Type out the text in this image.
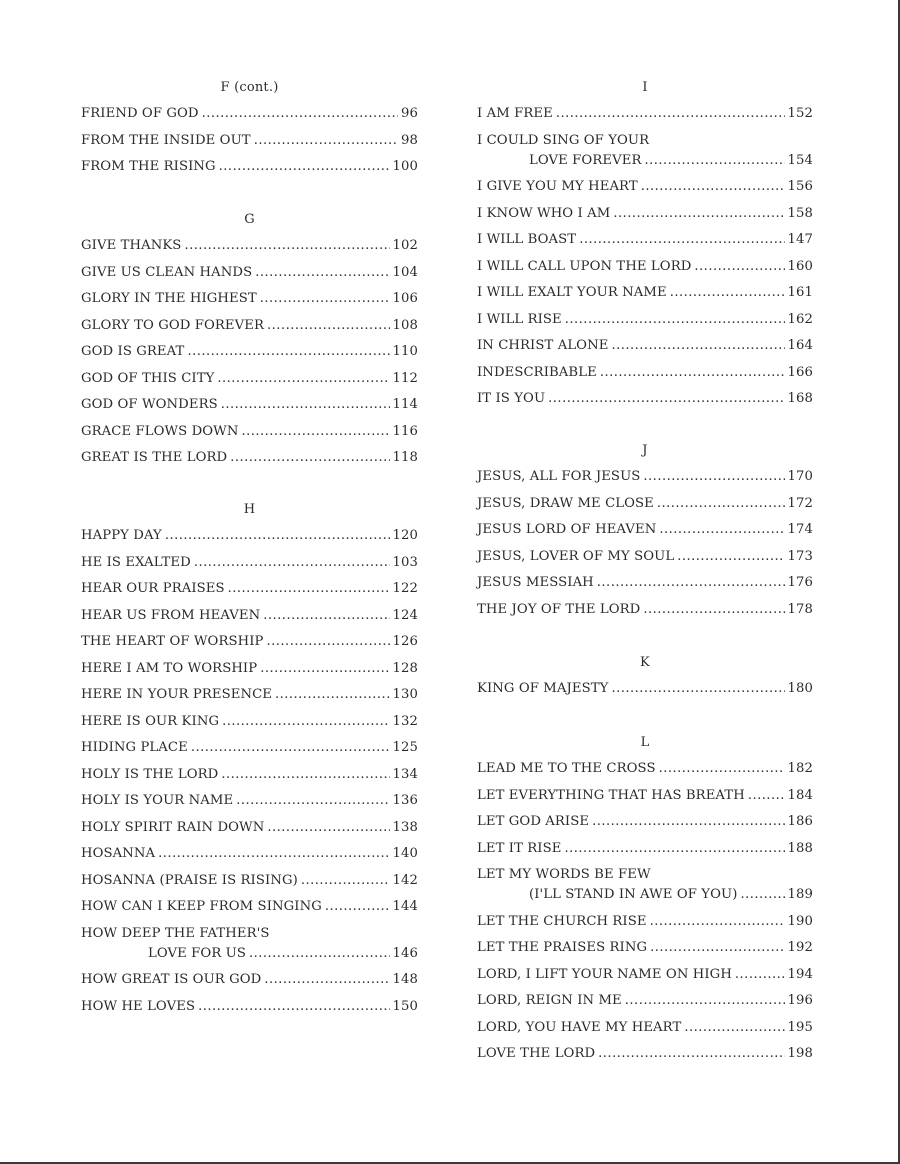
F (cont.)
FRIEND OF GOD .....	96
FROM THE INSIDE OUT .....	98
FROM THE RISING .....	100
G
GIVE THANKS .....	102
GIVE US CLEAN HANDS .....	104
GLORY IN THE HIGHEST .....	106
GLORY TO GOD FOREVER .....	108
GOD IS GREAT .....	110
GOD OF THIS CITY .....	112
GOD OF WONDERS .....	114
GRACE FLOWS DOWN .....	116
GREAT IS THE LORD .....	118
H
HAPPY DAY .....	120
HE IS EXALTED .....	103
HEAR OUR PRAISES .....	122
HEAR US FROM HEAVEN .....	124
THE HEART OF WORSHIP .....	126
HERE I AM TO WORSHIP .....	128
HERE IN YOUR PRESENCE .....	130
HERE IS OUR KING .....	132
HIDING PLACE .....	125
HOLY IS THE LORD .....	134
HOLY IS YOUR NAME .....	136
HOLY SPIRIT RAIN DOWN .....	138
HOSANNA .....	140
HOSANNA (PRAISE IS RISING) .....	142
HOW CAN I KEEP FROM SINGING .....	144
HOW DEEP THE FATHER'S
LOVE FOR US .....	146
HOW GREAT IS OUR GOD .....	148
HOW HE LOVES .....	150
I
I AM FREE .....	152
I COULD SING OF YOUR
LOVE FOREVER .....	154
I GIVE YOU MY HEART .....	156
I KNOW WHO I AM .....	158
I WILL BOAST .....	147
I WILL CALL UPON THE LORD .....	160
I WILL EXALT YOUR NAME .....	161
I WILL RISE .....	162
IN CHRIST ALONE .....	164
INDESCRIBABLE .....	166
IT IS YOU .....	168
J
JESUS, ALL FOR JESUS .....	170
JESUS, DRAW ME CLOSE .....	172
JESUS LORD OF HEAVEN .....	174
JESUS, LOVER OF MY SOUL .....	173
JESUS MESSIAH .....	176
THE JOY OF THE LORD .....	178
K
KING OF MAJESTY .....	180
L
LEAD ME TO THE CROSS .....	182
LET EVERYTHING THAT HAS BREATH .....	184
LET GOD ARISE .....	186
LET IT RISE .....	188
LET MY WORDS BE FEW
(I'LL STAND IN AWE OF YOU) .....	189
LET THE CHURCH RISE .....	190
LET THE PRAISES RING .....	192
LORD, I LIFT YOUR NAME ON HIGH .....	194
LORD, REIGN IN ME .....	196
LORD, YOU HAVE MY HEART .....	195
LOVE THE LORD .....	198
